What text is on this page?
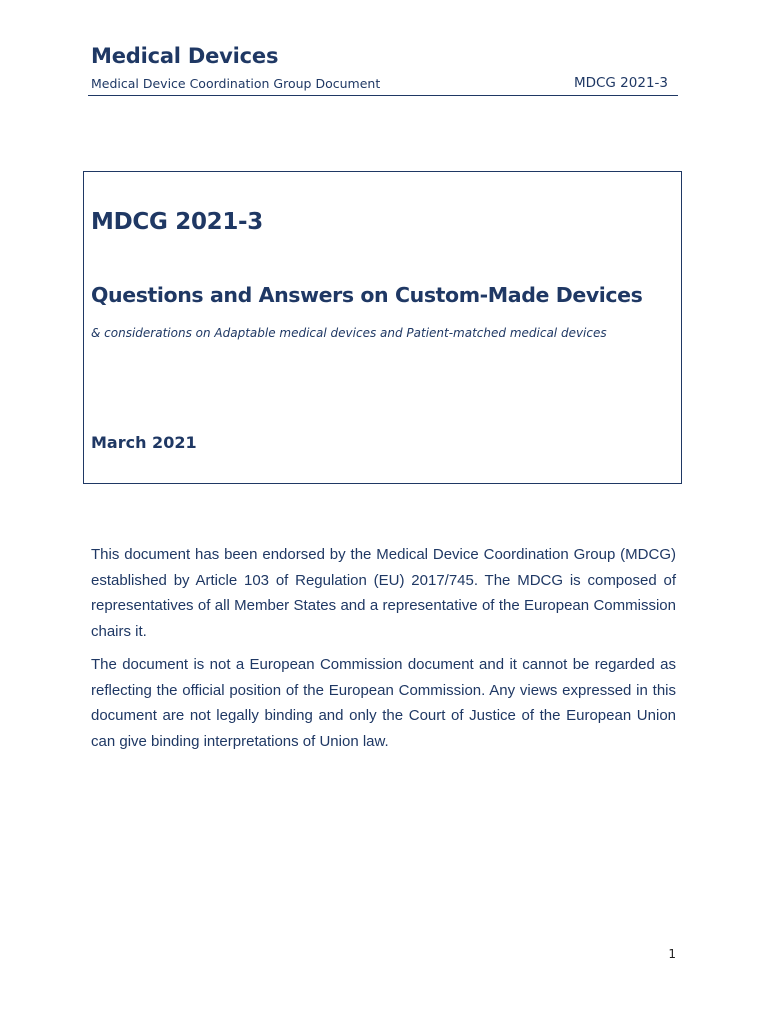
Medical Devices
Medical Device Coordination Group Document	MDCG 2021-3
MDCG 2021-3
Questions and Answers on Custom-Made Devices
& considerations on Adaptable medical devices and Patient-matched medical devices
March 2021

This document has been endorsed by the Medical Device Coordination Group (MDCG) established by Article 103 of Regulation (EU) 2017/745. The MDCG is composed of representatives of all Member States and a representative of the European Commission chairs it.

The document is not a European Commission document and it cannot be regarded as reflecting the official position of the European Commission. Any views expressed in this document are not legally binding and only the Court of Justice of the European Union can give binding interpretations of Union law.

1
